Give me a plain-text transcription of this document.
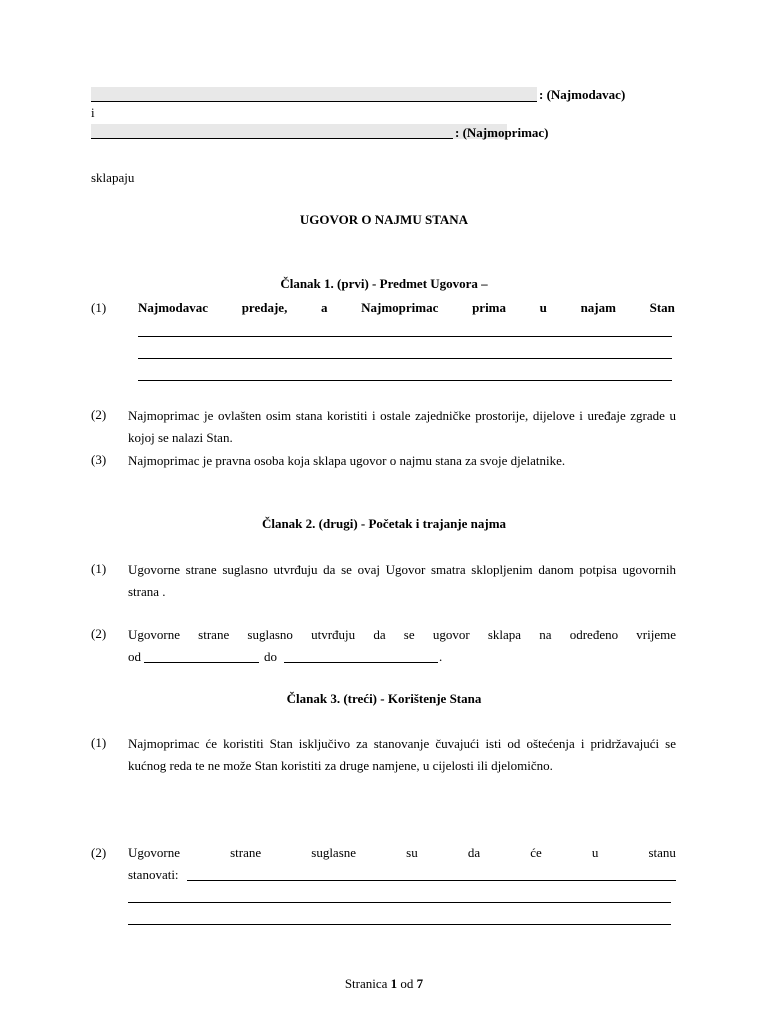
: (Najmodavac)
i
: (Najmoprimac)
sklapaju
UGOVOR O NAJMU STANA
Članak 1. (prvi) - Predmet Ugovora –
(1) Najmodavac	predaje,	a	Najmoprimac	prima	u	najam	Stan
(2) Najmoprimac je ovlašten osim stana koristiti i ostale zajedničke prostorije, dijelove i uređaje zgrade u kojoj se nalazi Stan.
(3) Najmoprimac je pravna osoba koja sklapa ugovor o najmu stana za svoje djelatnike.
Članak 2. (drugi) - Početak i trajanje najma
(1) Ugovorne strane suglasno utvrđuju da se ovaj Ugovor smatra sklopljenim danom potpisa ugovornih strana .
(2) Ugovorne strane suglasno utvrđuju da se ugovor sklapa na određeno vrijeme
od	do	.
Članak 3. (treći) - Korištenje Stana
(1) Najmoprimac će koristiti Stan isključivo za stanovanje čuvajući isti od oštećenja i pridržavajući se kućnog reda te ne može Stan koristiti za druge namjene, u cijelosti ili djelomično.
(2) Ugovorne	strane	suglasne	su	da	će	u	stanu
stanovati:
Stranica 1 od 7
